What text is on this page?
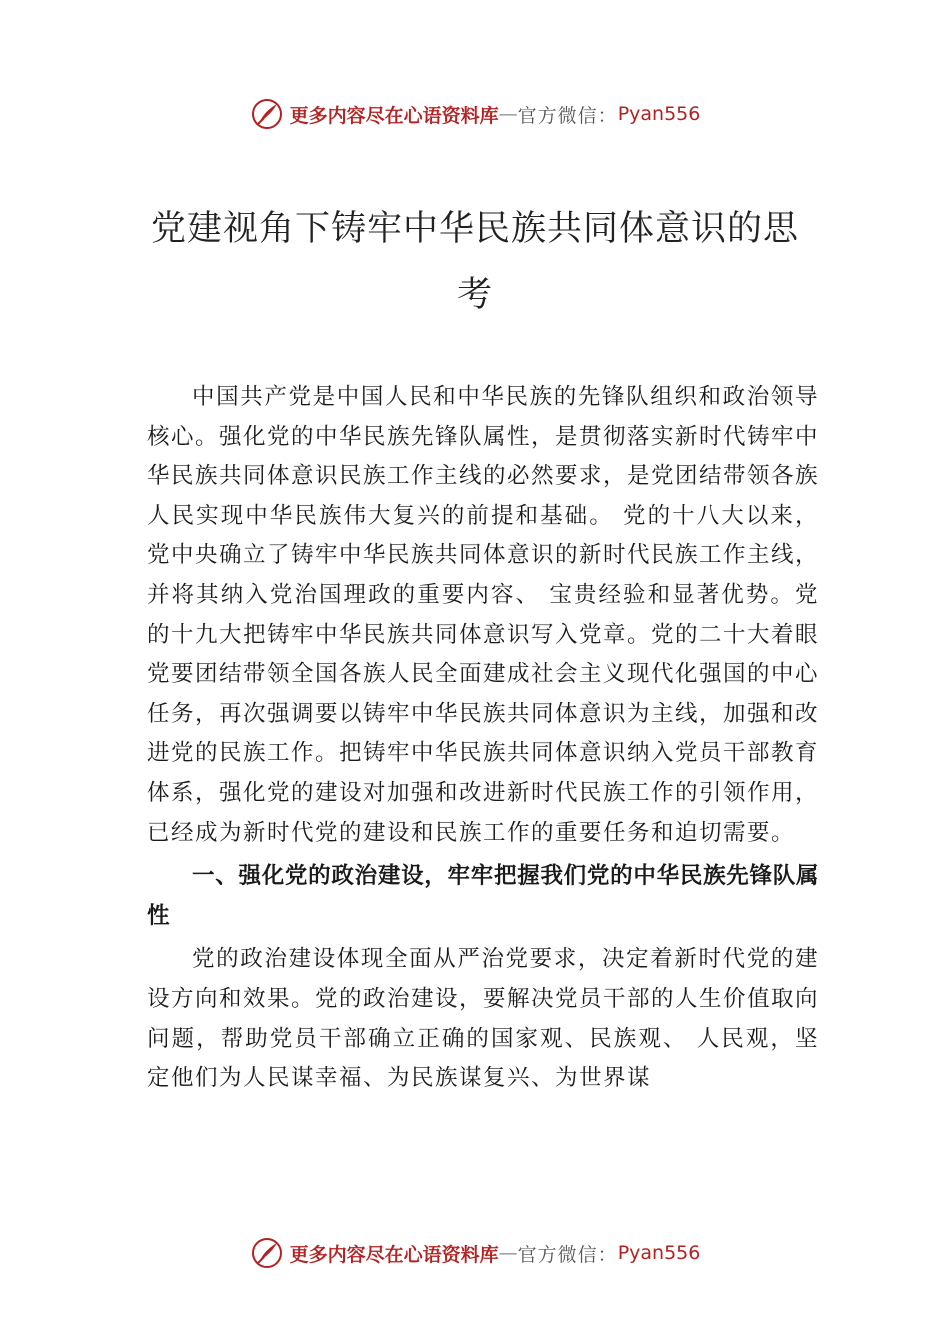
更多内容尽在心语资料库 — 官方微信： Pyan556
党建视角下铸牢中华民族共同体意识的思考

中国共产党是中国人民和中华民族的先锋队组织和政治领导核心。强化党的中华民族先锋队属性，是贯彻落实新时代铸牢中华民族共同体意识民族工作主线的必然要求，是党团结带领各族人民实现中华民族伟大复兴的前提和基础。 党的十八大以来，党中央确立了铸牢中华民族共同体意识的新时代民族工作主线，并将其纳入党治国理政的重要内容、 宝贵经验和显著优势。党的十九大把铸牢中华民族共同体意识写入党章。党的二十大着眼党要团结带领全国各族人民全面建成社会主义现代化强国的中心任务，再次强调要以铸牢中华民族共同体意识为主线，加强和改进党的民族工作。把铸牢中华民族共同体意识纳入党员干部教育体系，强化党的建设对加强和改进新时代民族工作的引领作用，已经成为新时代党的建设和民族工作的重要任务和迫切需要。

一、强化党的政治建设，牢牢把握我们党的中华民族先锋队属性

党的政治建设体现全面从严治党要求，决定着新时代党的建设方向和效果。党的政治建设，要解决党员干部的人生价值取向问题，帮助党员干部确立正确的国家观、民族观、 人民观，坚定他们为人民谋幸福、为民族谋复兴、为世界谋

更多内容尽在心语资料库 — 官方微信： Pyan556
